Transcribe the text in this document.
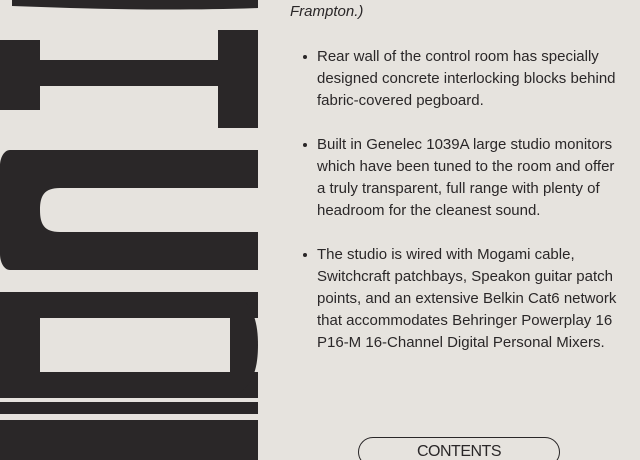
Frampton.)

Rear wall of the control room has specially designed concrete interlocking blocks behind fabric-covered pegboard.
Built in Genelec 1039A large studio monitors which have been tuned to the room and offer a truly transparent, full range with plenty of headroom for the cleanest sound.
The studio is wired with Mogami cable, Switchcraft patchbays, Speakon guitar patch points, and an extensive Belkin Cat6 network that accommodates Behringer Powerplay 16 P16-M 16-Channel Digital Personal Mixers.
CONTENTS
